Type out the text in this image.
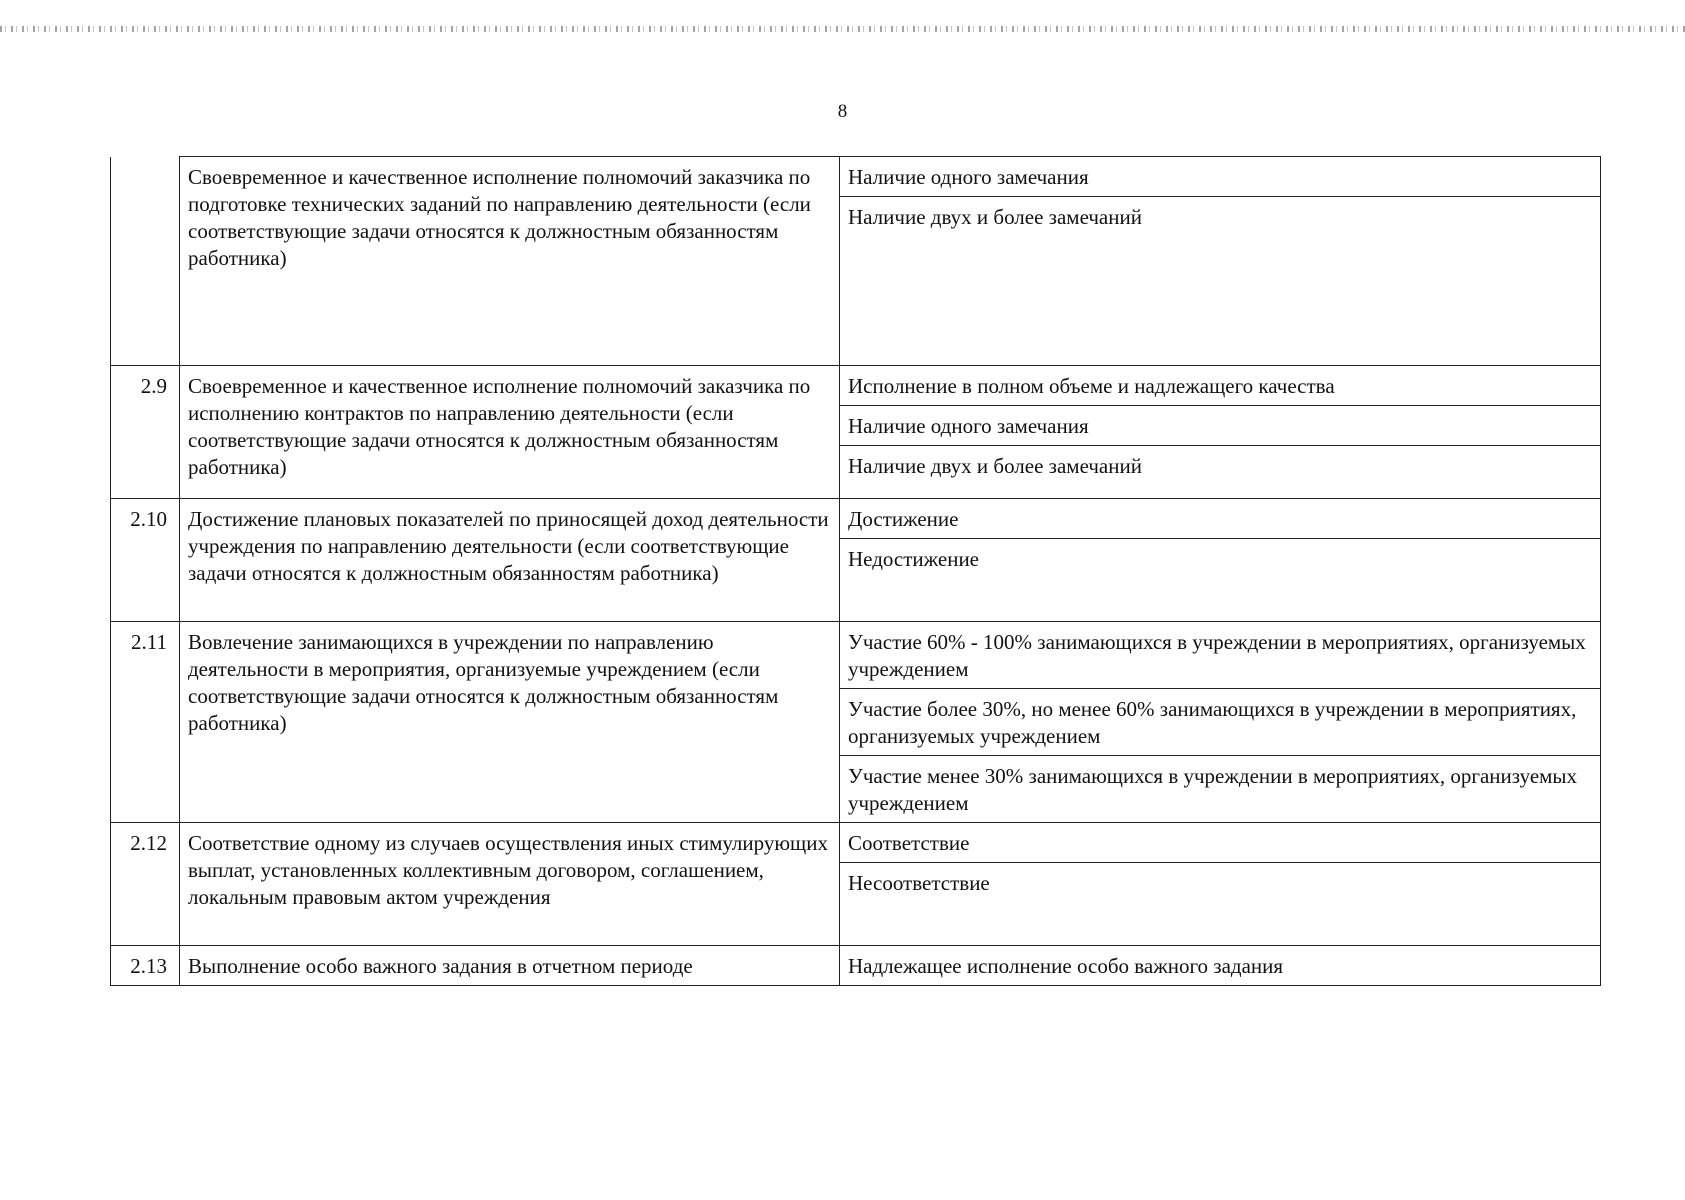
8
	Своевременное и качественное исполнение полномочий заказчика по подготовке технических заданий по направлению деятельности (если соответствующие задачи относятся к должностным обязанностям работника)	Наличие одного замечания
		Наличие двух и более замечаний
2.9	Своевременное и качественное исполнение полномочий заказчика по исполнению контрактов по направлению деятельности (если соответствующие задачи относятся к должностным обязанностям работника)	Исполнение в полном объеме и надлежащего качества
		Наличие одного замечания
		Наличие двух и более замечаний
2.10	Достижение плановых показателей по приносящей доход деятельности учреждения по направлению деятельности (если соответствующие задачи относятся к должностным обязанностям работника)	Достижение
		Недостижение
2.11	Вовлечение занимающихся в учреждении по направлению деятельности в мероприятия, организуемые учреждением (если соответствующие задачи относятся к должностным обязанностям работника)	Участие 60% - 100% занимающихся в учреждении в мероприятиях, организуемых учреждением
		Участие более 30%, но менее 60% занимающихся в учреждении в мероприятиях, организуемых учреждением
		Участие менее 30% занимающихся в учреждении в мероприятиях, организуемых учреждением
2.12	Соответствие одному из случаев осуществления иных стимулирующих выплат, установленных коллективным договором, соглашением, локальным правовым актом учреждения	Соответствие
		Несоответствие
2.13	Выполнение особо важного задания в отчетном периоде	Надлежащее исполнение особо важного задания
